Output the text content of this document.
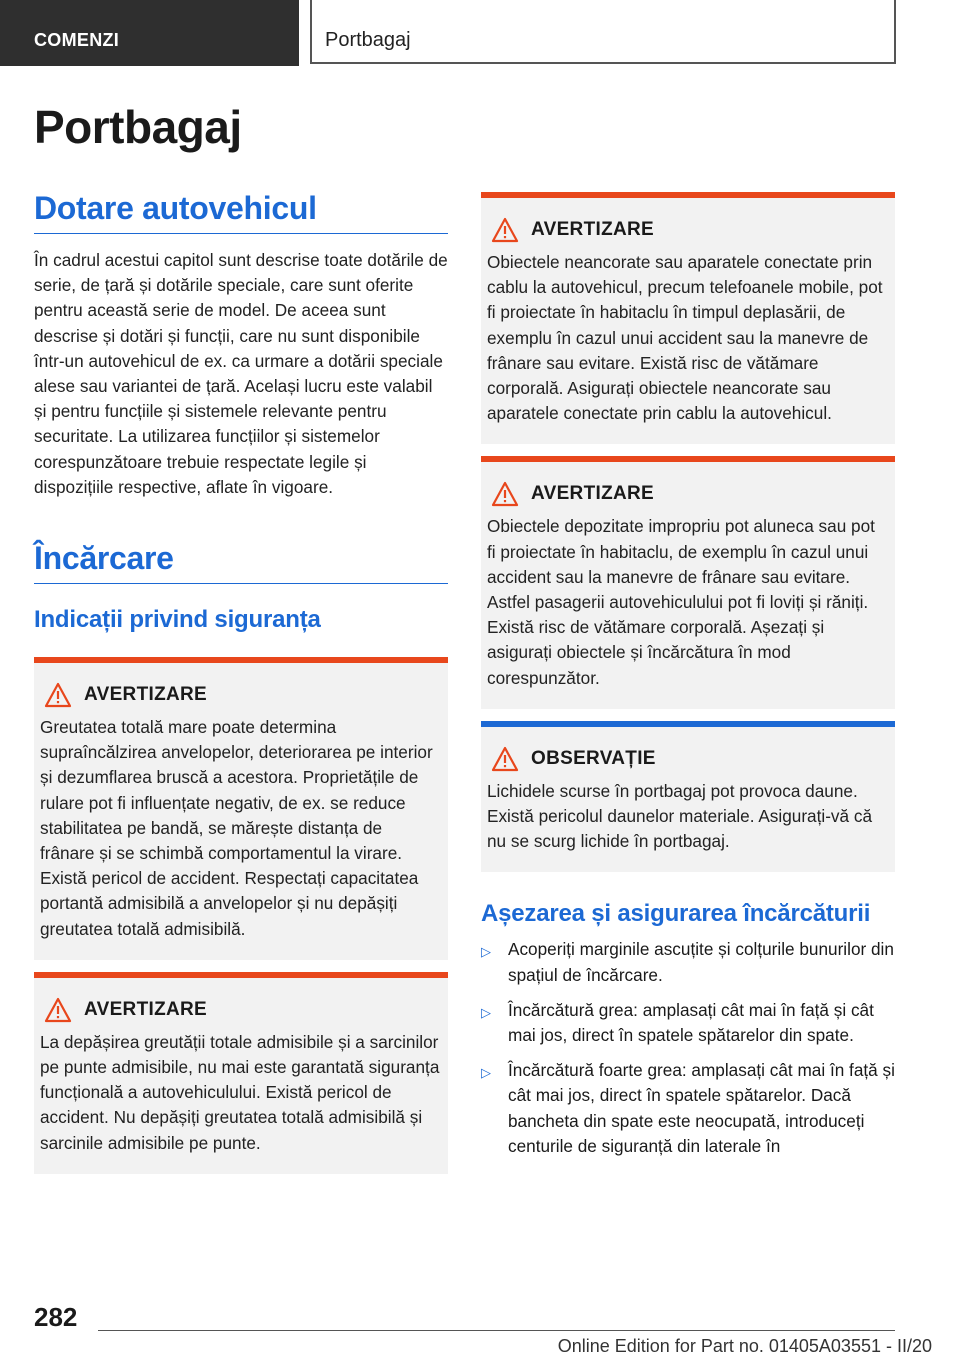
COMENZI	Portbagaj
Portbagaj
Dotare autovehicul

În cadrul acestui capitol sunt descrise toate dotările de serie, de țară și dotările speciale, care sunt oferite pentru această serie de model. De aceea sunt descrise și dotări și funcții, care nu sunt disponibile într-un autovehicul de ex. ca urmare a dotării speciale alese sau variantei de țară. Același lucru este valabil și pentru funcțiile și sistemele relevante pentru securitate. La utilizarea funcțiilor și sistemelor corespunzătoare trebuie respectate legile și dispozițiile respective, aflate în vigoare.

Încărcare
Indicații privind siguranța
AVERTIZARE
Greutatea totală mare poate determina supraîncălzirea anvelopelor, deteriorarea pe interior și dezumflarea bruscă a acestora. Proprietățile de rulare pot fi influențate negativ, de ex. se reduce stabilitatea pe bandă, se mărește distanța de frânare și se schimbă comportamentul la virare. Există pericol de accident. Respectați capacitatea portantă admisibilă a anvelopelor și nu depășiți greutatea totală admisibilă.
AVERTIZARE
La depășirea greutății totale admisibile și a sarcinilor pe punte admisibile, nu mai este garantată siguranța funcțională a autovehiculului. Există pericol de accident. Nu depășiți greutatea totală admisibilă și sarcinile admisibile pe punte.
AVERTIZARE
Obiectele neancorate sau aparatele conectate prin cablu la autovehicul, precum telefoanele mobile, pot fi proiectate în habitaclu în timpul deplasării, de exemplu în cazul unui accident sau la manevre de frânare sau evitare. Există risc de vătămare corporală. Asigurați obiectele neancorate sau aparatele conectate prin cablu la autovehicul.
AVERTIZARE
Obiectele depozitate impropriu pot aluneca sau pot fi proiectate în habitaclu, de exemplu în cazul unui accident sau la manevre de frânare sau evitare. Astfel pasagerii autovehiculului pot fi loviți și răniți. Există risc de vătămare corporală. Așezați și asigurați obiectele și încărcătura în mod corespunzător.
OBSERVAȚIE
Lichidele scurse în portbagaj pot provoca daune. Există pericolul daunelor materiale. Asigurați-vă că nu se scurg lichide în portbagaj.
Așezarea și asigurarea încărcăturii
▷ Acoperiți marginile ascuțite și colțurile bunurilor din spațiul de încărcare.
▷ Încărcătură grea: amplasați cât mai în față și cât mai jos, direct în spatele spătarelor din spate.
▷ Încărcătură foarte grea: amplasați cât mai în față și cât mai jos, direct în spatele spătarelor. Dacă bancheta din spate este neocupată, introduceți centurile de siguranță din laterale în
282
Online Edition for Part no. 01405A03551 - II/20
